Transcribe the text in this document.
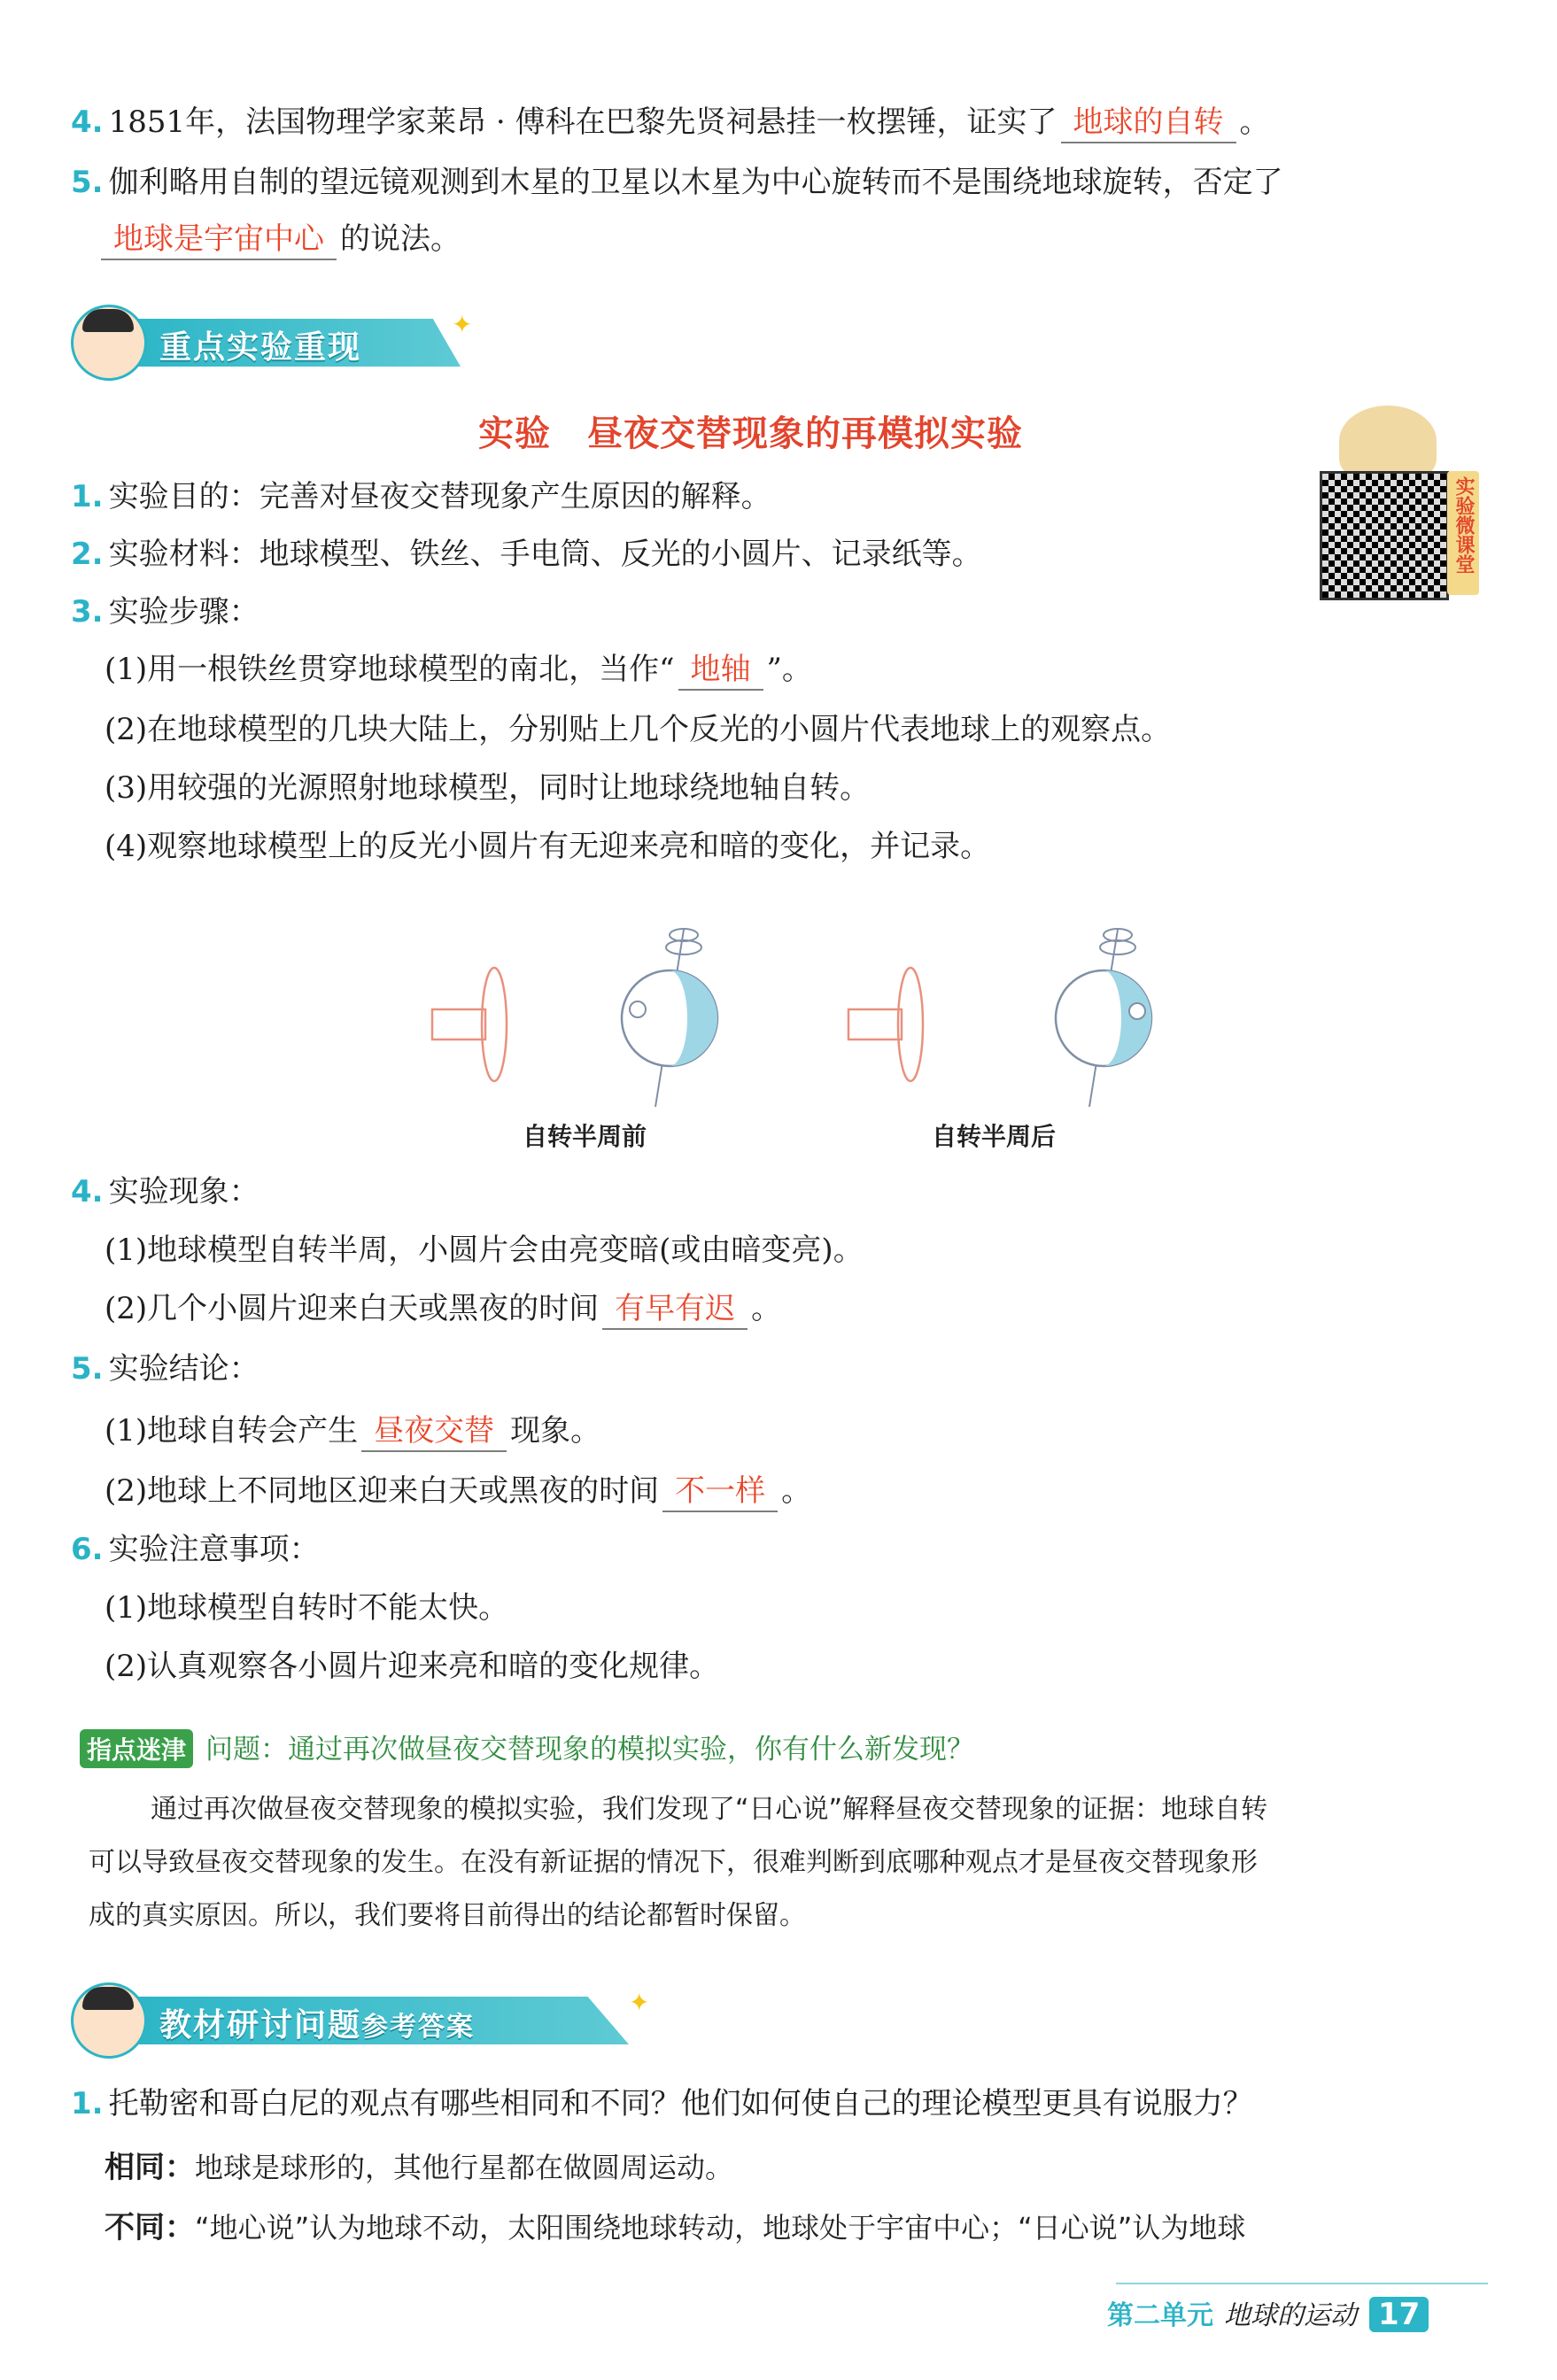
4. 1851年，法国物理学家莱昂 · 傅科在巴黎先贤祠悬挂一枚摆锤，证实了 地球的自转 。
5. 伽利略用自制的望远镜观测到木星的卫星以木星为中心旋转而不是围绕地球旋转，否定了
地球是宇宙中心 的说法。
重点实验重现
✦
实验　昼夜交替现象的再模拟实验
实验微课堂
1. 实验目的：完善对昼夜交替现象产生原因的解释。
2. 实验材料：地球模型、铁丝、手电筒、反光的小圆片、记录纸等。
3. 实验步骤：
(1)用一根铁丝贯穿地球模型的南北，当作“ 地轴 ”。
(2)在地球模型的几块大陆上，分别贴上几个反光的小圆片代表地球上的观察点。
(3)用较强的光源照射地球模型，同时让地球绕地轴自转。
(4)观察地球模型上的反光小圆片有无迎来亮和暗的变化，并记录。
自转半周前	自转半周后
4. 实验现象：
(1)地球模型自转半周，小圆片会由亮变暗(或由暗变亮)。
(2)几个小圆片迎来白天或黑夜的时间 有早有迟 。
5. 实验结论：
(1)地球自转会产生 昼夜交替 现象。
(2)地球上不同地区迎来白天或黑夜的时间 不一样 。
6. 实验注意事项：
(1)地球模型自转时不能太快。
(2)认真观察各小圆片迎来亮和暗的变化规律。
指点迷津 问题：通过再次做昼夜交替现象的模拟实验，你有什么新发现？
通过再次做昼夜交替现象的模拟实验，我们发现了“日心说”解释昼夜交替现象的证据：地球自转
可以导致昼夜交替现象的发生。在没有新证据的情况下，很难判断到底哪种观点才是昼夜交替现象形
成的真实原因。所以，我们要将目前得出的结论都暂时保留。
教材研讨问题参考答案
✦
1. 托勒密和哥白尼的观点有哪些相同和不同？他们如何使自己的理论模型更具有说服力？
相同：地球是球形的，其他行星都在做圆周运动。
不同：“地心说”认为地球不动，太阳围绕地球转动，地球处于宇宙中心；“日心说”认为地球
第二单元 地球的运动 17
